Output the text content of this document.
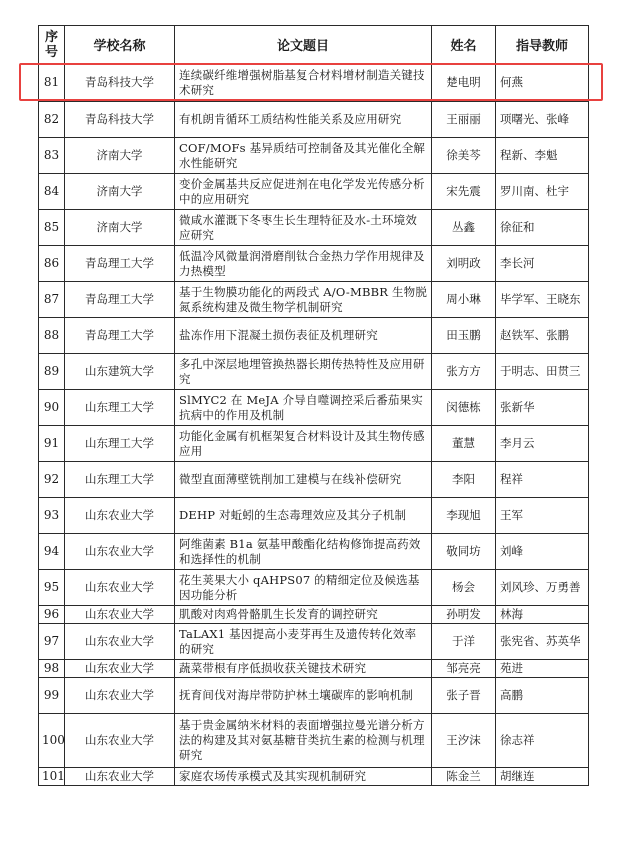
序号	学校名称	论文题目	姓名	指导教师
81	青岛科技大学	连续碳纤维增强树脂基复合材料增材制造关键技术研究	楚电明	何燕
82	青岛科技大学	有机朗肯循环工质结构性能关系及应用研究	王丽丽	项曙光、张峰
83	济南大学	COF/MOFs 基异质结可控制备及其光催化全解水性能研究	徐美芩	程新、李魁
84	济南大学	变价金属基共反应促进剂在电化学发光传感分析中的应用研究	宋先震	罗川南、杜宇
85	济南大学	微咸水灌溉下冬枣生长生理特征及水-土环境效应研究	丛鑫	徐征和
86	青岛理工大学	低温冷风微量润滑磨削钛合金热力学作用规律及力热模型	刘明政	李长河
87	青岛理工大学	基于生物膜功能化的两段式 A/O-MBBR 生物脱氮系统构建及微生物学机制研究	周小琳	毕学军、王晓东
88	青岛理工大学	盐冻作用下混凝土损伤表征及机理研究	田玉鹏	赵铁军、张鹏
89	山东建筑大学	多孔中深层地埋管换热器长期传热特性及应用研究	张方方	于明志、田贯三
90	山东理工大学	SlMYC2 在 MeJA 介导自噬调控采后番茄果实抗病中的作用及机制	闵德栋	张新华
91	山东理工大学	功能化金属有机框架复合材料设计及其生物传感应用	董慧	李月云
92	山东理工大学	微型直面薄壁铣削加工建模与在线补偿研究	李阳	程祥
93	山东农业大学	DEHP 对蚯蚓的生态毒理效应及其分子机制	李现旭	王军
94	山东农业大学	阿维菌素 B1a 氨基甲酸酯化结构修饰提高药效和选择性的机制	敬同坊	刘峰
95	山东农业大学	花生荚果大小 qAHPS07 的精细定位及候选基因功能分析	杨会	刘风珍、万勇善
96	山东农业大学	肌酸对肉鸡骨骼肌生长发育的调控研究	孙明发	林海
97	山东农业大学	TaLAX1 基因提高小麦芽再生及遗传转化效率的研究	于洋	张宪省、苏英华
98	山东农业大学	蔬菜带根有序低损收获关键技术研究	邹亮亮	苑进
99	山东农业大学	抚育间伐对海岸带防护林土壤碳库的影响机制	张子晋	高鹏
100	山东农业大学	基于贵金属纳米材料的表面增强拉曼光谱分析方法的构建及其对氨基糖苷类抗生素的检测与机理研究	王汐沫	徐志祥
101	山东农业大学	家庭农场传承模式及其实现机制研究	陈金兰	胡继连
